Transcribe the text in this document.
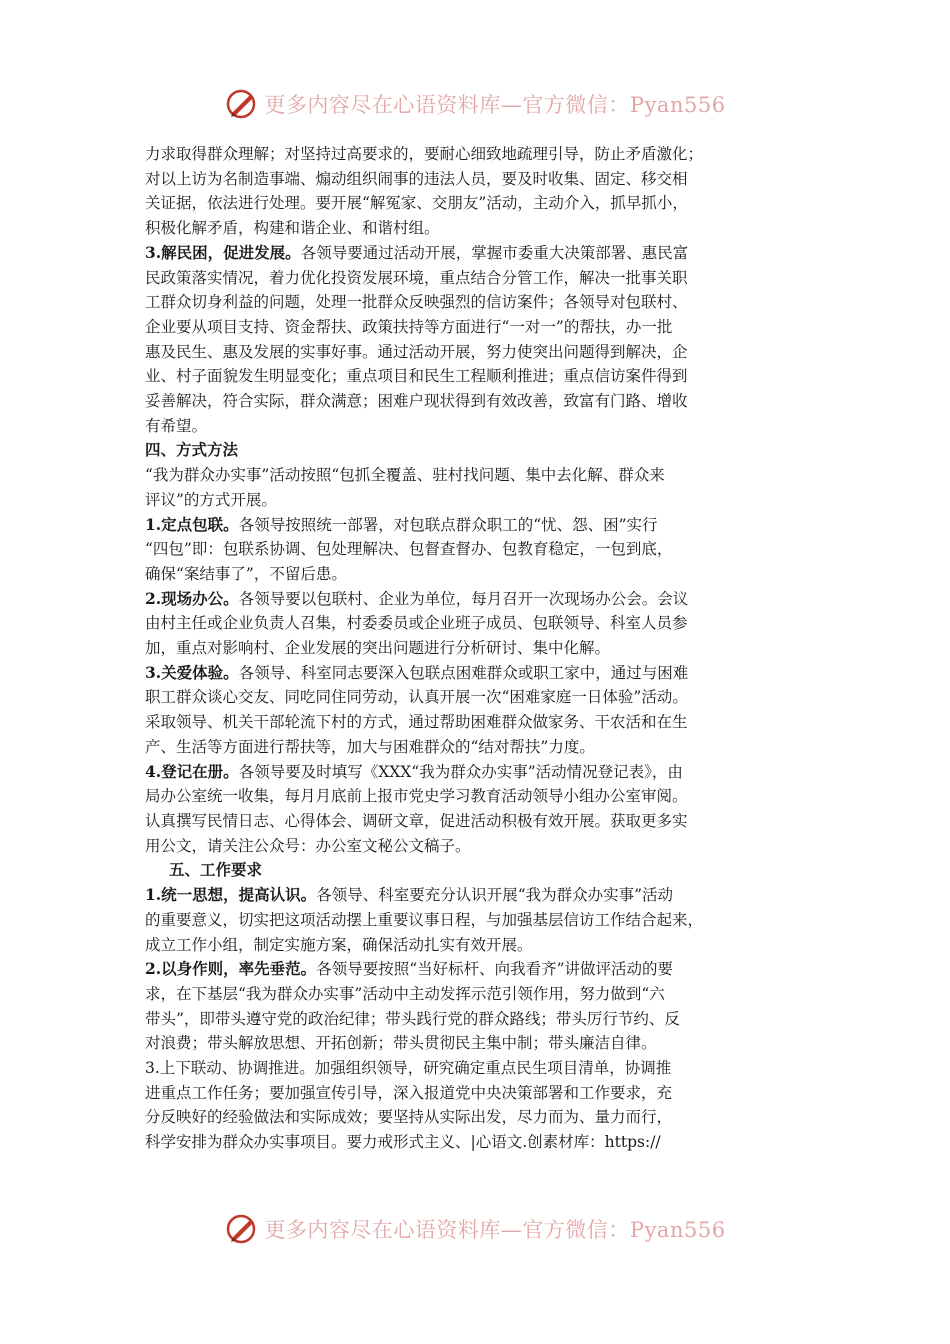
更多内容尽在心语资料库—官方微信：Pyan556
力求取得群众理解；对坚持过高要求的，要耐心细致地疏理引导，防止矛盾激化；
对以上访为名制造事端、煽动组织闹事的违法人员，要及时收集、固定、移交相
关证据，依法进行处理。要开展“解冤家、交朋友”活动，主动介入，抓早抓小，
积极化解矛盾，构建和谐企业、和谐村组。
3.解民困，促进发展。各领导要通过活动开展，掌握市委重大决策部署、惠民富
民政策落实情况，着力优化投资发展环境，重点结合分管工作，解决一批事关职
工群众切身利益的问题，处理一批群众反映强烈的信访案件；各领导对包联村、
企业要从项目支持、资金帮扶、政策扶持等方面进行“一对一”的帮扶，办一批
惠及民生、惠及发展的实事好事。通过活动开展，努力使突出问题得到解决，企
业、村子面貌发生明显变化；重点项目和民生工程顺利推进；重点信访案件得到
妥善解决，符合实际，群众满意；困难户现状得到有效改善，致富有门路、增收
有希望。
四、方式方法
“我为群众办实事”活动按照“包抓全覆盖、驻村找问题、集中去化解、群众来
评议”的方式开展。
1.定点包联。各领导按照统一部署，对包联点群众职工的“忧、怨、困”实行
“四包”即：包联系协调、包处理解决、包督查督办、包教育稳定，一包到底，
确保“案结事了”，不留后患。
2.现场办公。各领导要以包联村、企业为单位，每月召开一次现场办公会。会议
由村主任或企业负责人召集，村委委员或企业班子成员、包联领导、科室人员参
加，重点对影响村、企业发展的突出问题进行分析研讨、集中化解。
3.关爱体验。各领导、科室同志要深入包联点困难群众或职工家中，通过与困难
职工群众谈心交友、同吃同住同劳动，认真开展一次“困难家庭一日体验”活动。
采取领导、机关干部轮流下村的方式，通过帮助困难群众做家务、干农活和在生
产、生活等方面进行帮扶等，加大与困难群众的“结对帮扶”力度。
4.登记在册。各领导要及时填写《XXX“我为群众办实事”活动情况登记表》，由
局办公室统一收集，每月月底前上报市党史学习教育活动领导小组办公室审阅。
认真撰写民情日志、心得体会、调研文章，促进活动积极有效开展。获取更多实
用公文，请关注公众号：办公室文秘公文稿子。
五、工作要求
1.统一思想，提高认识。各领导、科室要充分认识开展“我为群众办实事”活动
的重要意义，切实把这项活动摆上重要议事日程，与加强基层信访工作结合起来，
成立工作小组，制定实施方案，确保活动扎实有效开展。
2.以身作则，率先垂范。各领导要按照“当好标杆、向我看齐”讲做评活动的要
求，在下基层“我为群众办实事”活动中主动发挥示范引领作用，努力做到“六
带头”，即带头遵守党的政治纪律；带头践行党的群众路线；带头厉行节约、反
对浪费；带头解放思想、开拓创新；带头贯彻民主集中制；带头廉洁自律。
3.上下联动、协调推进。加强组织领导，研究确定重点民生项目清单，协调推
进重点工作任务；要加强宣传引导，深入报道党中央决策部署和工作要求，充
分反映好的经验做法和实际成效；要坚持从实际出发，尽力而为、量力而行，
科学安排为群众办实事项目。要力戒形式主义、|心语文.创素材库：https://
更多内容尽在心语资料库—官方微信：Pyan556
